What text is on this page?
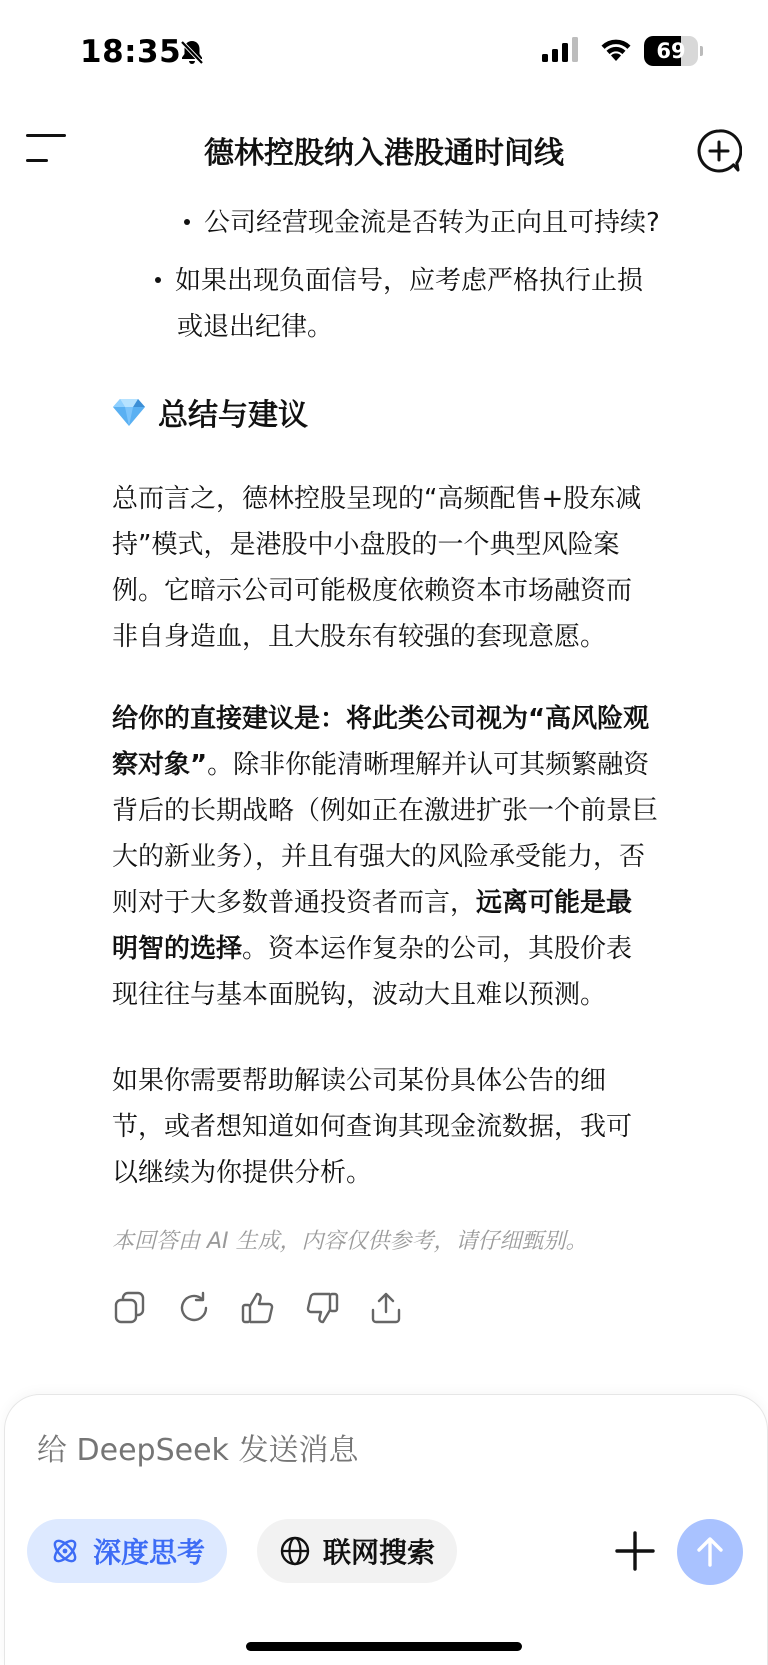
18:35	69
德林控股纳入港股通时间线
公司经营现金流是否转为正向且可持续?
如果出现负面信号，应考虑严格执行止损
或退出纪律。
总结与建议
总而言之，德林控股呈现的“高频配售+股东减
持”模式，是港股中小盘股的一个典型风险案
例。它暗示公司可能极度依赖资本市场融资而
非自身造血，且大股东有较强的套现意愿。
给你的直接建议是：将此类公司视为“高风险观
察对象”。除非你能清晰理解并认可其频繁融资
背后的长期战略（例如正在激进扩张一个前景巨
大的新业务），并且有强大的风险承受能力，否
则对于大多数普通投资者而言，远离可能是最
明智的选择。资本运作复杂的公司，其股价表
现往往与基本面脱钩，波动大且难以预测。
如果你需要帮助解读公司某份具体公告的细
节，或者想知道如何查询其现金流数据，我可
以继续为你提供分析。
本回答由 AI 生成，内容仅供参考，请仔细甄别。
给 DeepSeek 发送消息
深度思考	联网搜索
